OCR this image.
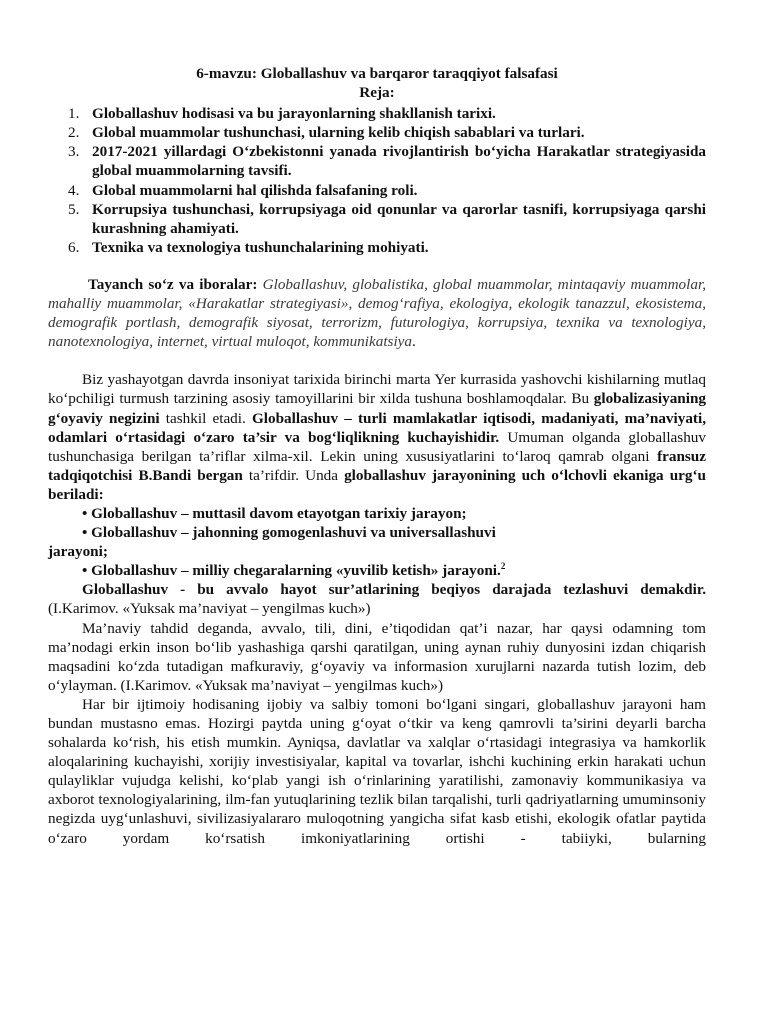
6-mavzu: Globallashuv va barqaror taraqqiyot falsafasi

Reja:

1. Globallashuv hodisasi va bu jarayonlarning shakllanish tarixi.
2. Global muammolar tushunchasi, ularning kelib chiqish sabablari va turlari.
3. 2017-2021 yillardagi O‘zbekistonni yanada rivojlantirish bo‘yicha Harakatlar strategiyasida global muammolarning tavsifi.
4. Global muammolarni hal qilishda falsafaning roli.
5. Korrupsiya tushunchasi, korrupsiyaga oid qonunlar va qarorlar tasnifi, korrupsiyaga qarshi kurashning ahamiyati.
6. Texnika va texnologiya tushunchalarining mohiyati.

Tayanch so‘z va iboralar: Globallashuv, globalistika, global muammolar, mintaqaviy muammolar, mahalliy muammolar, «Harakatlar strategiyasi», demog‘rafiya, ekologiya, ekologik tanazzul, ekosistema, demografik portlash, demografik siyosat, terrorizm, futurologiya, korrupsiya, texnika va texnologiya, nanotexnologiya, internet, virtual muloqot, kommunikatsiya.

Biz yashayotgan davrda insoniyat tarixida birinchi marta Yer kurrasida yashovchi kishilarning mutlaq ko‘pchiligi turmush tarzining asosiy tamoyillarini bir xilda tushuna boshlamoqdalar. Bu globalizasiyaning g‘oyaviy negizini tashkil etadi. Globallashuv – turli mamlakatlar iqtisodi, madaniyati, ma’naviyati, odamlari o‘rtasidagi o‘zaro ta’sir va bog‘liqlikning kuchayishidir. Umuman olganda globallashuv tushunchasiga berilgan ta’riflar xilma-xil. Lekin uning xususiyatlarini to‘laroq qamrab olgani fransuz tadqiqotchisi B.Bandi bergan ta’rifdir. Unda globallashuv jarayonining uch o‘lchovli ekaniga urg‘u beriladi:

• Globallashuv – muttasil davom etayotgan tarixiy jarayon;

• Globallashuv – jahonning gomogenlashuvi va universallashuvi

jarayoni;

• Globallashuv – milliy chegaralarning «yuvilib ketish» jarayoni.$^2$

Globallashuv - bu avvalo hayot sur’atlarining beqiyos darajada tezlashuvi demakdir. (I.Karimov. «Yuksak ma’naviyat – yengilmas kuch»)

Ma’naviy tahdid deganda, avvalo, tili, dini, e’tiqodidan qat’i nazar, har qaysi odamning tom ma’nodagi erkin inson bo‘lib yashashiga qarshi qaratilgan, uning aynan ruhiy dunyosini izdan chiqarish maqsadini ko‘zda tutadigan mafkuraviy, g‘oyaviy va informasion xurujlarni nazarda tutish lozim, deb o‘ylayman. (I.Karimov. «Yuksak ma’naviyat – yengilmas kuch»)

Har bir ijtimoiy hodisaning ijobiy va salbiy tomoni bo‘lgani singari, globallashuv jarayoni ham bundan mustasno emas. Hozirgi paytda uning g‘oyat o‘tkir va keng qamrovli ta’sirini deyarli barcha sohalarda ko‘rish, his etish mumkin. Ayniqsa, davlatlar va xalqlar o‘rtasidagi integrasiya va hamkorlik aloqalarining kuchayishi, xorijiy investisiyalar, kapital va tovarlar, ishchi kuchining erkin harakati uchun qulayliklar vujudga kelishi, ko‘plab yangi ish o‘rinlarining yaratilishi, zamonaviy kommunikasiya va axborot texnologiyalarining, ilm-fan yutuqlarining tezlik bilan tarqalishi, turli qadriyatlarning umuminsoniy negizda uyg‘unlashuvi, sivilizasiyalararo muloqotning yangicha sifat kasb etishi, ekologik ofatlar paytida o‘zaro yordam ko‘rsatish imkoniyatlarining ortishi - tabiiyki, bularning
